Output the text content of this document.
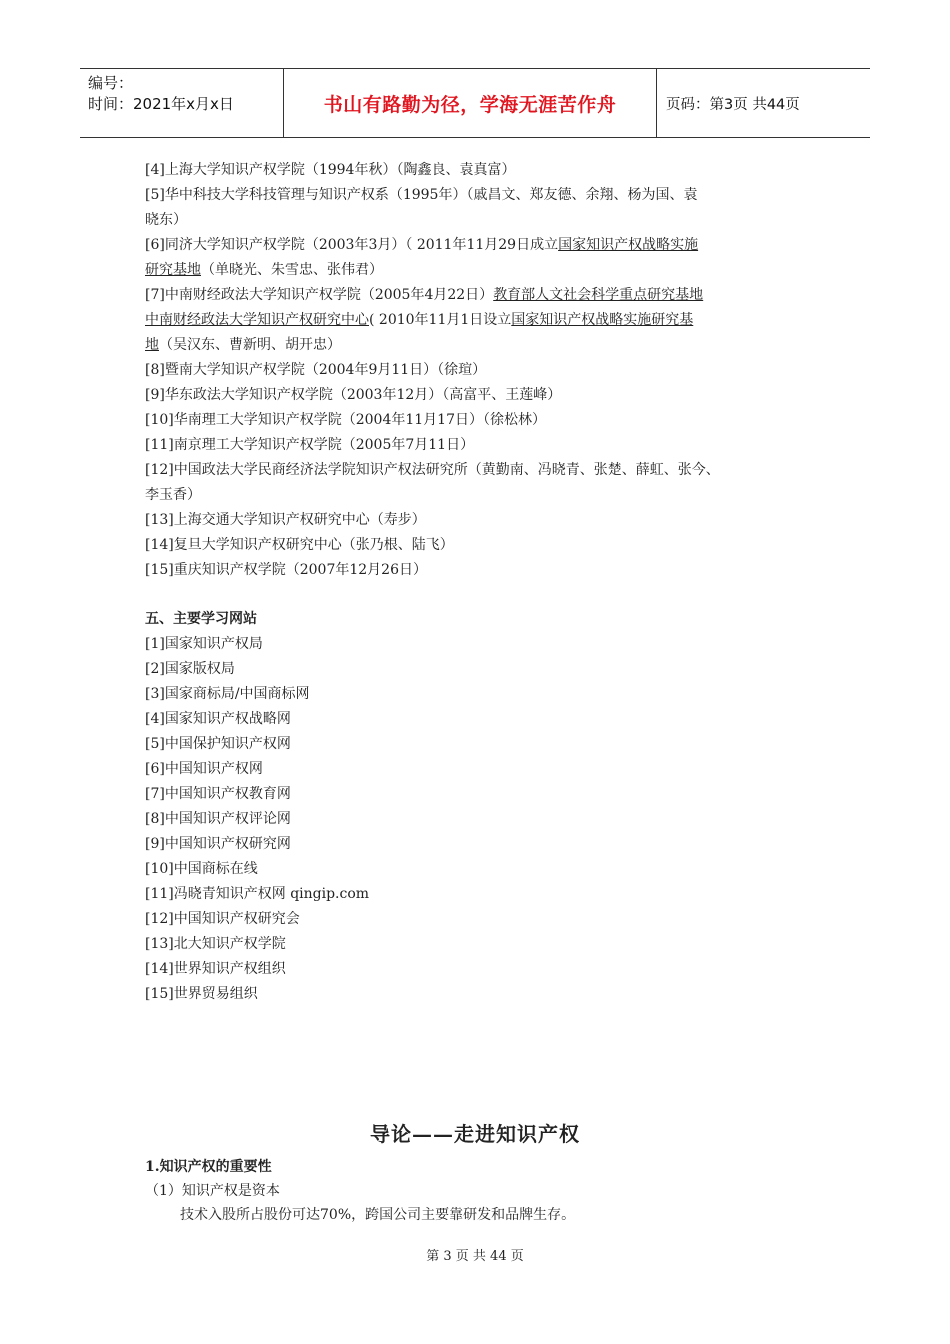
编号：
时间：2021年x月x日	书山有路勤为径，学海无涯苦作舟	页码：第3页 共44页
[4]上海大学知识产权学院（1994年秋）（陶鑫良、袁真富）
[5]华中科技大学科技管理与知识产权系（1995年）（戚昌文、郑友德、余翔、杨为国、袁
晓东）
[6]同济大学知识产权学院（2003年3月）（ 2011年11月29日成立国家知识产权战略实施
研究基地（单晓光、朱雪忠、张伟君）
[7]中南财经政法大学知识产权学院（2005年4月22日）教育部人文社会科学重点研究基地
中南财经政法大学知识产权研究中心( 2010年11月1日设立国家知识产权战略实施研究基
地（吴汉东、曹新明、胡开忠）
[8]暨南大学知识产权学院（2004年9月11日）（徐瑄）
[9]华东政法大学知识产权学院（2003年12月）（高富平、王莲峰）
[10]华南理工大学知识产权学院（2004年11月17日）（徐松林）
[11]南京理工大学知识产权学院（2005年7月11日）
[12]中国政法大学民商经济法学院知识产权法研究所（黄勤南、冯晓青、张楚、薛虹、张今、
李玉香）
[13]上海交通大学知识产权研究中心（寿步）
[14]复旦大学知识产权研究中心（张乃根、陆飞）
[15]重庆知识产权学院（2007年12月26日）
五、主要学习网站
[1]国家知识产权局
[2]国家版权局
[3]国家商标局/中国商标网
[4]国家知识产权战略网
[5]中国保护知识产权网
[6]中国知识产权网
[7]中国知识产权教育网
[8]中国知识产权评论网
[9]中国知识产权研究网
[10]中国商标在线
[11]冯晓青知识产权网 qingip.com
[12]中国知识产权研究会
[13]北大知识产权学院
[14]世界知识产权组织
[15]世界贸易组织
导论——走进知识产权
1.知识产权的重要性
（1）知识产权是资本
技术入股所占股份可达70%，跨国公司主要靠研发和品牌生存。
第 3 页 共 44 页
